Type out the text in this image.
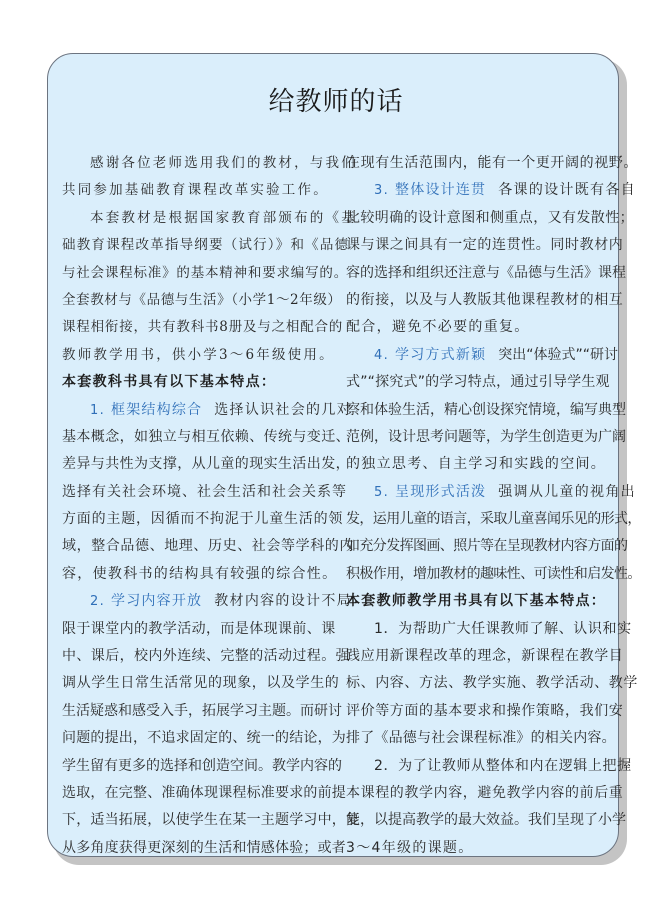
给教师的话
感谢各位老师选用我们的教材，与我们
共同参加基础教育课程改革实验工作。
本套教材是根据国家教育部颁布的《基
础教育课程改革指导纲要（试行）》和《品德
与社会课程标准》的基本精神和要求编写的。
全套教材与《品德与生活》（小学1～2年级）
课程相衔接，共有教科书8册及与之相配合的
教师教学用书，供小学3～6年级使用。
本套教科书具有以下基本特点：
1. 框架结构综合 选择认识社会的几对
基本概念，如独立与相互依赖、传统与变迁、
差异与共性为支撑，从儿童的现实生活出发，
选择有关社会环境、社会生活和社会关系等
方面的主题，因循而不拘泥于儿童生活的领
域，整合品德、地理、历史、社会等学科的内
容，使教科书的结构具有较强的综合性。
2. 学习内容开放 教材内容的设计不局
限于课堂内的教学活动，而是体现课前、课
中、课后，校内外连续、完整的活动过程。强
调从学生日常生活常见的现象，以及学生的
生活疑惑和感受入手，拓展学习主题。而研讨
问题的提出，不追求固定的、统一的结论，为
学生留有更多的选择和创造空间。教学内容的
选取，在完整、准确体现课程标准要求的前提
下，适当拓展，以使学生在某一主题学习中，能
从多角度获得更深刻的生活和情感体验；或者
在现有生活范围内，能有一个更开阔的视野。
3. 整体设计连贯 各课的设计既有各自
比较明确的设计意图和侧重点，又有发散性；
课与课之间具有一定的连贯性。同时教材内
容的选择和组织还注意与《品德与生活》课程
的衔接，以及与人教版其他课程教材的相互
配合，避免不必要的重复。
4. 学习方式新颖 突出“体验式”“研讨
式”“探究式”的学习特点，通过引导学生观
察和体验生活，精心创设探究情境，编写典型
范例，设计思考问题等，为学生创造更为广阔
的独立思考、自主学习和实践的空间。
5. 呈现形式活泼 强调从儿童的视角出
发，运用儿童的语言，采取儿童喜闻乐见的形式，
如充分发挥图画、照片等在呈现教材内容方面的
积极作用，增加教材的趣味性、可读性和启发性。
本套教师教学用书具有以下基本特点：
1．为帮助广大任课教师了解、认识和实
践应用新课程改革的理念，新课程在教学目
标、内容、方法、教学实施、教学活动、教学
评价等方面的基本要求和操作策略，我们安
排了《品德与社会课程标准》的相关内容。
2．为了让教师从整体和内在逻辑上把握
本课程的教学内容，避免教学内容的前后重
复，以提高教学的最大效益。我们呈现了小学
3～4年级的课题。
